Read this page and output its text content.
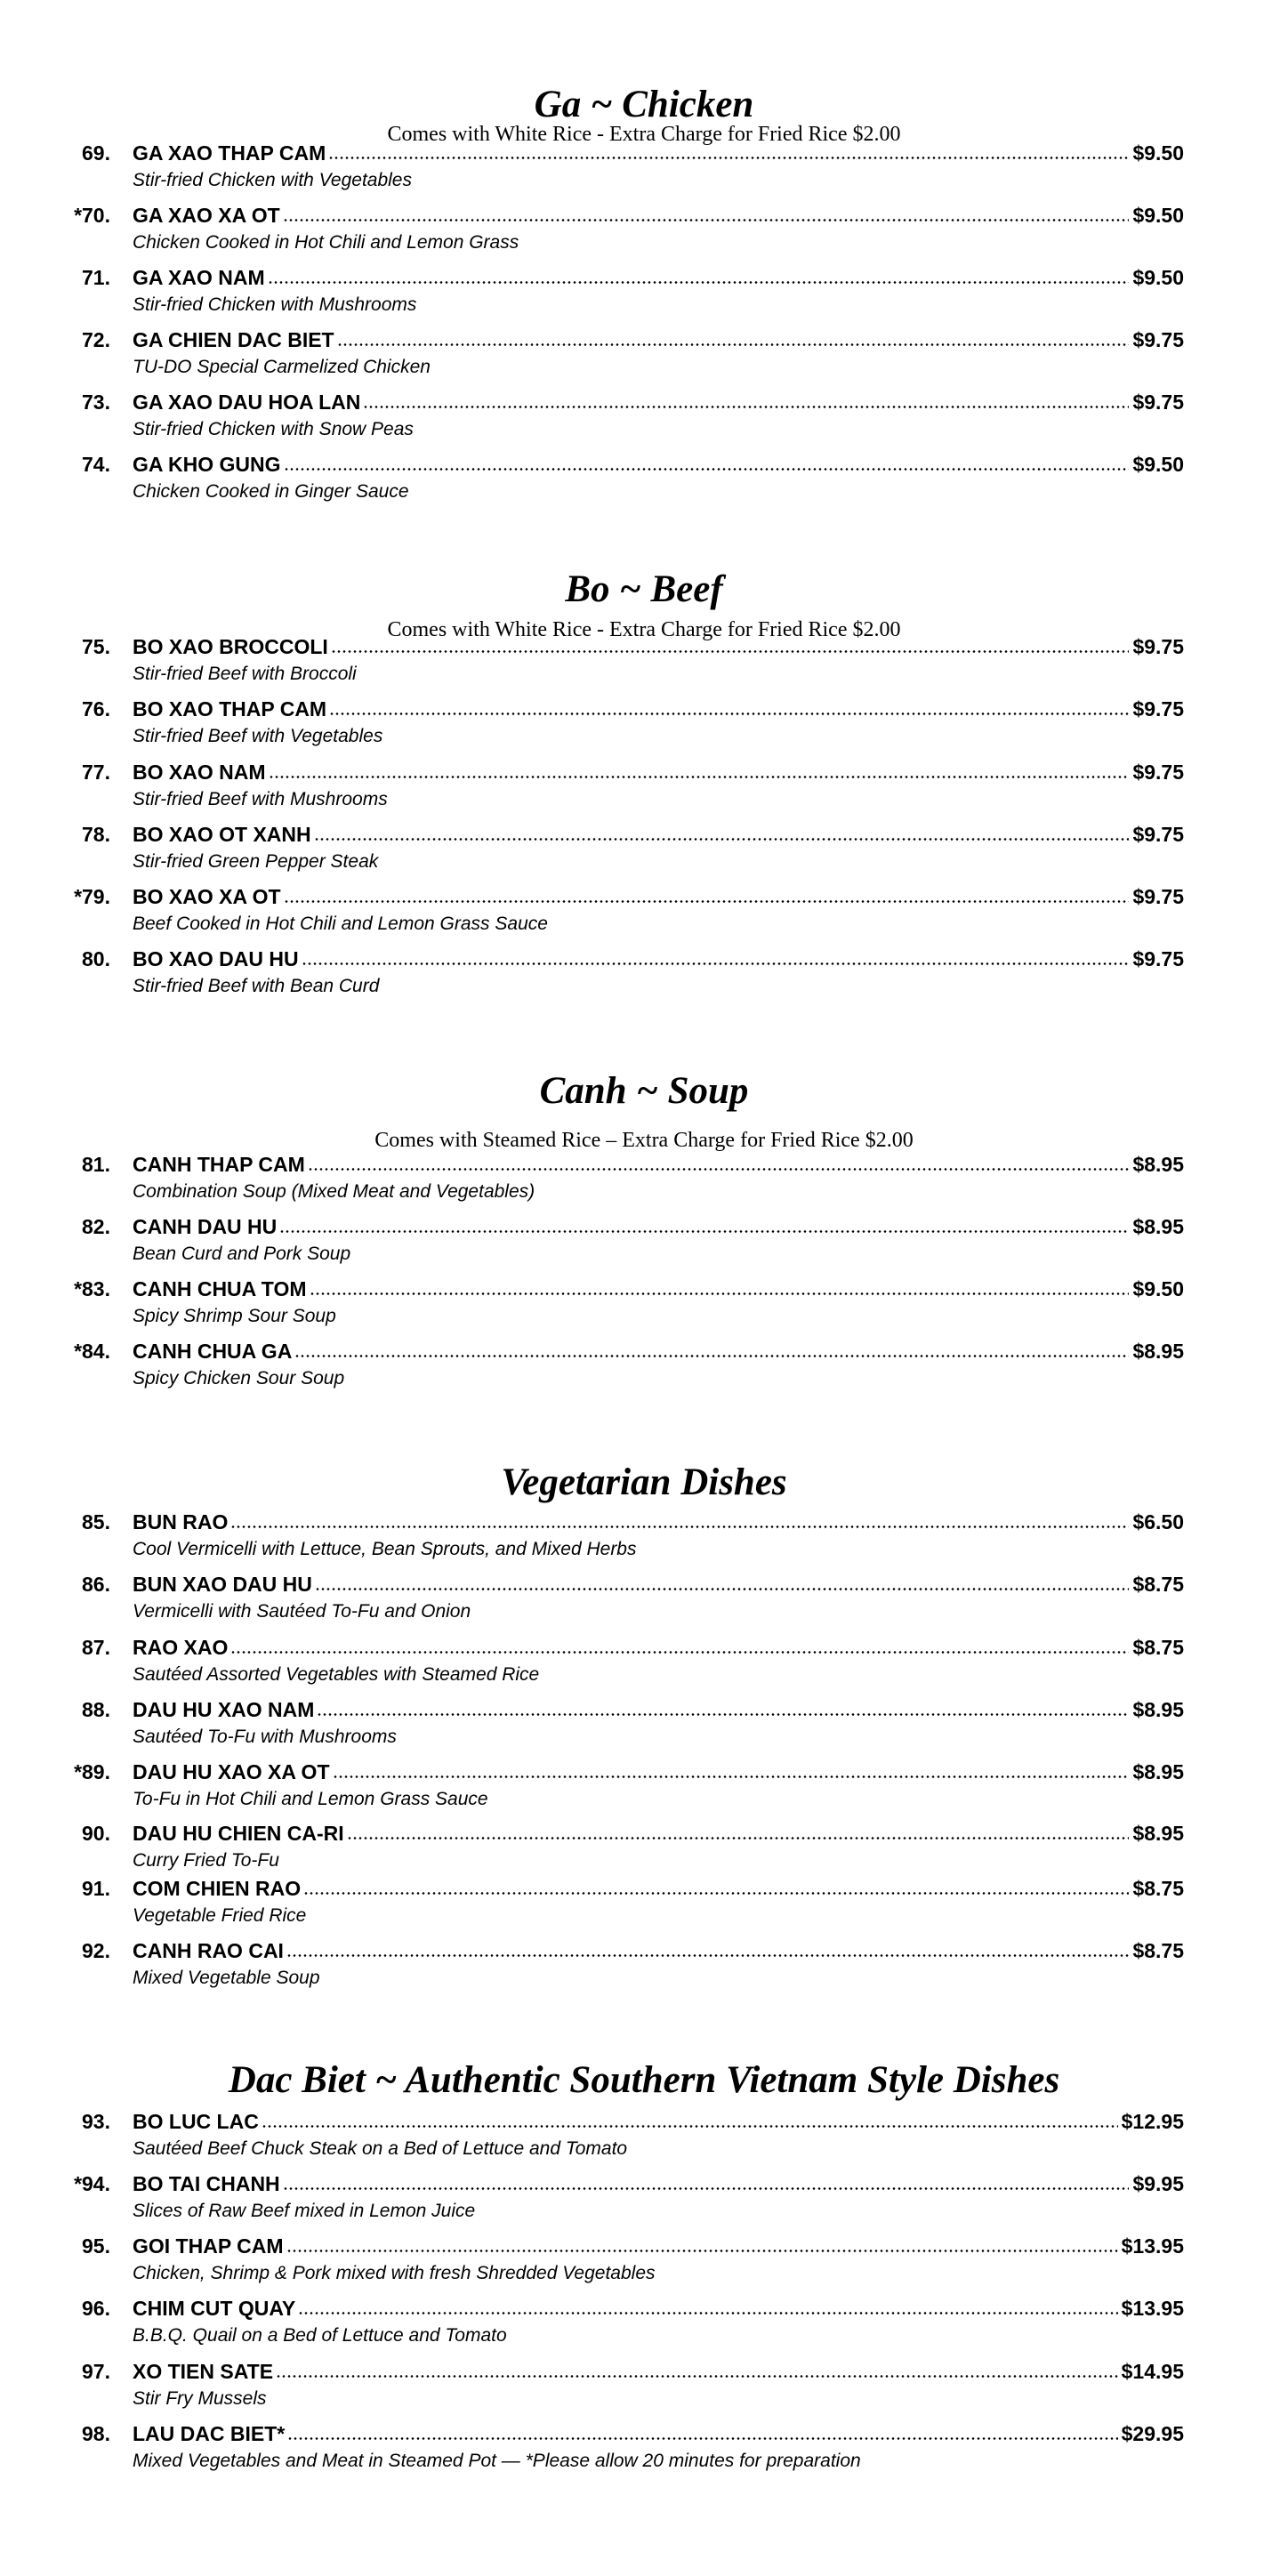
Ga ~ Chicken
Comes with White Rice - Extra Charge for Fried Rice $2.00
Bo ~ Beef
Comes with White Rice - Extra Charge for Fried Rice $2.00
Canh ~ Soup
Comes with Steamed Rice – Extra Charge for Fried Rice $2.00
Vegetarian Dishes
Dac Biet ~ Authentic Southern Vietnam Style Dishes
69. GA XAO THAP CAM	$9.50
Stir-fried Chicken with Vegetables
*70. GA XAO XA OT	$9.50
Chicken Cooked in Hot Chili and Lemon Grass
71. GA XAO NAM	$9.50
Stir-fried Chicken with Mushrooms
72. GA CHIEN DAC BIET	$9.75
TU-DO Special Carmelized Chicken
73. GA XAO DAU HOA LAN	$9.75
Stir-fried Chicken with Snow Peas
74. GA KHO GUNG	$9.50
Chicken Cooked in Ginger Sauce
75. BO XAO BROCCOLI	$9.75
Stir-fried Beef with Broccoli
76. BO XAO THAP CAM	$9.75
Stir-fried Beef with Vegetables
77. BO XAO NAM	$9.75
Stir-fried Beef with Mushrooms
78. BO XAO OT XANH	$9.75
Stir-fried Green Pepper Steak
*79. BO XAO XA OT	$9.75
Beef Cooked in Hot Chili and Lemon Grass Sauce
80. BO XAO DAU HU	$9.75
Stir-fried Beef with Bean Curd
81. CANH THAP CAM	$8.95
Combination Soup (Mixed Meat and Vegetables)
82. CANH DAU HU	$8.95
Bean Curd and Pork Soup
*83. CANH CHUA TOM	$9.50
Spicy Shrimp Sour Soup
*84. CANH CHUA GA	$8.95
Spicy Chicken Sour Soup
85. BUN RAO	$6.50
Cool Vermicelli with Lettuce, Bean Sprouts, and Mixed Herbs
86. BUN XAO DAU HU	$8.75
Vermicelli with Sautéed To-Fu and Onion
87. RAO XAO	$8.75
Sautéed Assorted Vegetables with Steamed Rice
88. DAU HU XAO NAM	$8.95
Sautéed To-Fu with Mushrooms
*89. DAU HU XAO XA OT	$8.95
To-Fu in Hot Chili and Lemon Grass Sauce
90. DAU HU CHIEN CA-RI	$8.95
Curry Fried To-Fu
91. COM CHIEN RAO	$8.75
Vegetable Fried Rice
92. CANH RAO CAI	$8.75
Mixed Vegetable Soup
93. BO LUC LAC	$12.95
Sautéed Beef Chuck Steak on a Bed of Lettuce and Tomato
*94. BO TAI CHANH	$9.95
Slices of Raw Beef mixed in Lemon Juice
95. GOI THAP CAM	$13.95
Chicken, Shrimp & Pork mixed with fresh Shredded Vegetables
96. CHIM CUT QUAY	$13.95
B.B.Q. Quail on a Bed of Lettuce and Tomato
97. XO TIEN SATE	$14.95
Stir Fry Mussels
98. LAU DAC BIET*	$29.95
Mixed Vegetables and Meat in Steamed Pot — *Please allow 20 minutes for preparation
